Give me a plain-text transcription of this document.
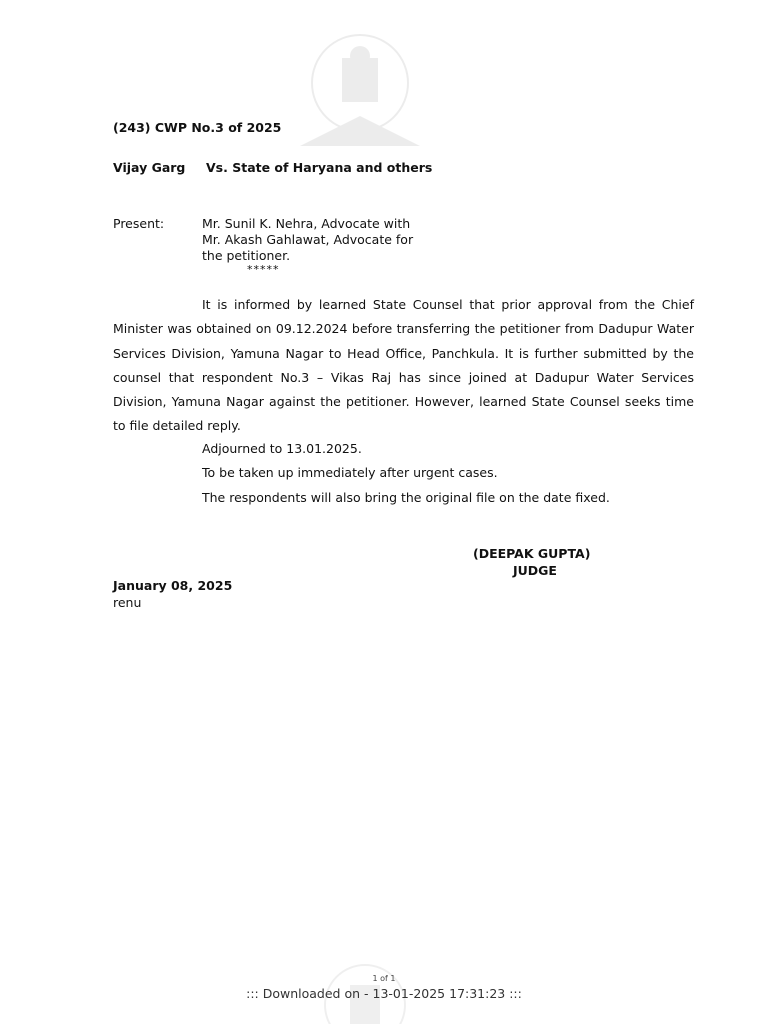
(243) CWP No.3 of 2025
Vijay Garg Vs. State of Haryana and others
Present:	Mr. Sunil K. Nehra, Advocate with
Mr. Akash Gahlawat, Advocate for
the petitioner.
*****

It is informed by learned State Counsel that prior approval from the Chief Minister was obtained on 09.12.2024 before transferring the petitioner from Dadupur Water Services Division, Yamuna Nagar to Head Office, Panchkula. It is further submitted by the counsel that respondent No.3 – Vikas Raj has since joined at Dadupur Water Services Division, Yamuna Nagar against the petitioner. However, learned State Counsel seeks time to file detailed reply.

Adjourned to 13.01.2025.
To be taken up immediately after urgent cases.
The respondents will also bring the original file on the date fixed.
(DEEPAK GUPTA)
JUDGE
January 08, 2025
renu
1 of 1
::: Downloaded on - 13-01-2025 17:31:23 :::
